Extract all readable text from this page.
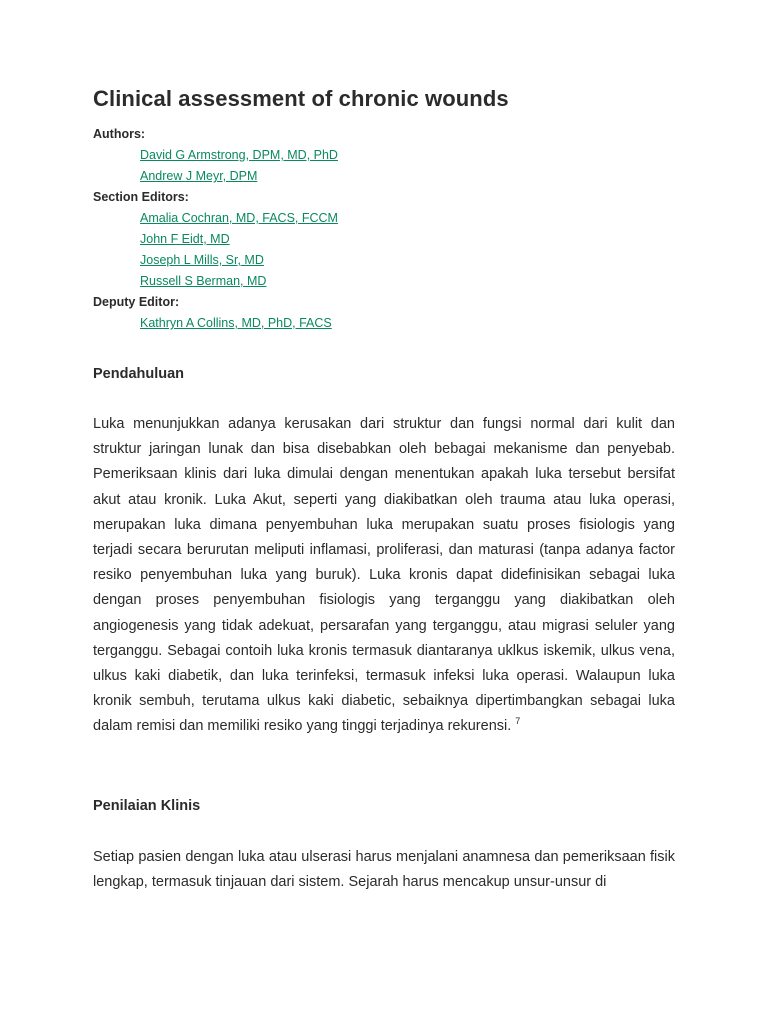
Clinical assessment of chronic wounds
Authors:
David G Armstrong, DPM, MD, PhD
Andrew J Meyr, DPM
Section Editors:
Amalia Cochran, MD, FACS, FCCM
John F Eidt, MD
Joseph L Mills, Sr, MD
Russell S Berman, MD
Deputy Editor:
Kathryn A Collins, MD, PhD, FACS
Pendahuluan

Luka menunjukkan adanya kerusakan dari struktur dan fungsi normal dari kulit dan struktur jaringan lunak dan bisa disebabkan oleh bebagai mekanisme dan penyebab. Pemeriksaan klinis dari luka dimulai dengan menentukan apakah luka tersebut bersifat akut atau kronik. Luka Akut, seperti yang diakibatkan oleh trauma atau luka operasi, merupakan luka dimana penyembuhan luka merupakan suatu proses fisiologis yang terjadi secara berurutan meliputi inflamasi, proliferasi, dan maturasi (tanpa adanya factor resiko penyembuhan luka yang buruk). Luka kronis dapat didefinisikan sebagai luka dengan proses penyembuhan fisiologis yang terganggu yang diakibatkan oleh angiogenesis yang tidak adekuat, persarafan yang terganggu, atau migrasi seluler yang terganggu. Sebagai contoih luka kronis termasuk diantaranya uklkus iskemik, ulkus vena, ulkus kaki diabetik, dan luka terinfeksi, termasuk infeksi luka operasi. Walaupun luka kronik sembuh, terutama ulkus kaki diabetic, sebaiknya dipertimbangkan sebagai luka dalam remisi dan memiliki resiko yang tinggi terjadinya rekurensi. $^7$

Penilaian Klinis

Setiap pasien dengan luka atau ulserasi harus menjalani anamnesa dan pemeriksaan fisik lengkap, termasuk tinjauan dari sistem. Sejarah harus mencakup unsur-unsur di
